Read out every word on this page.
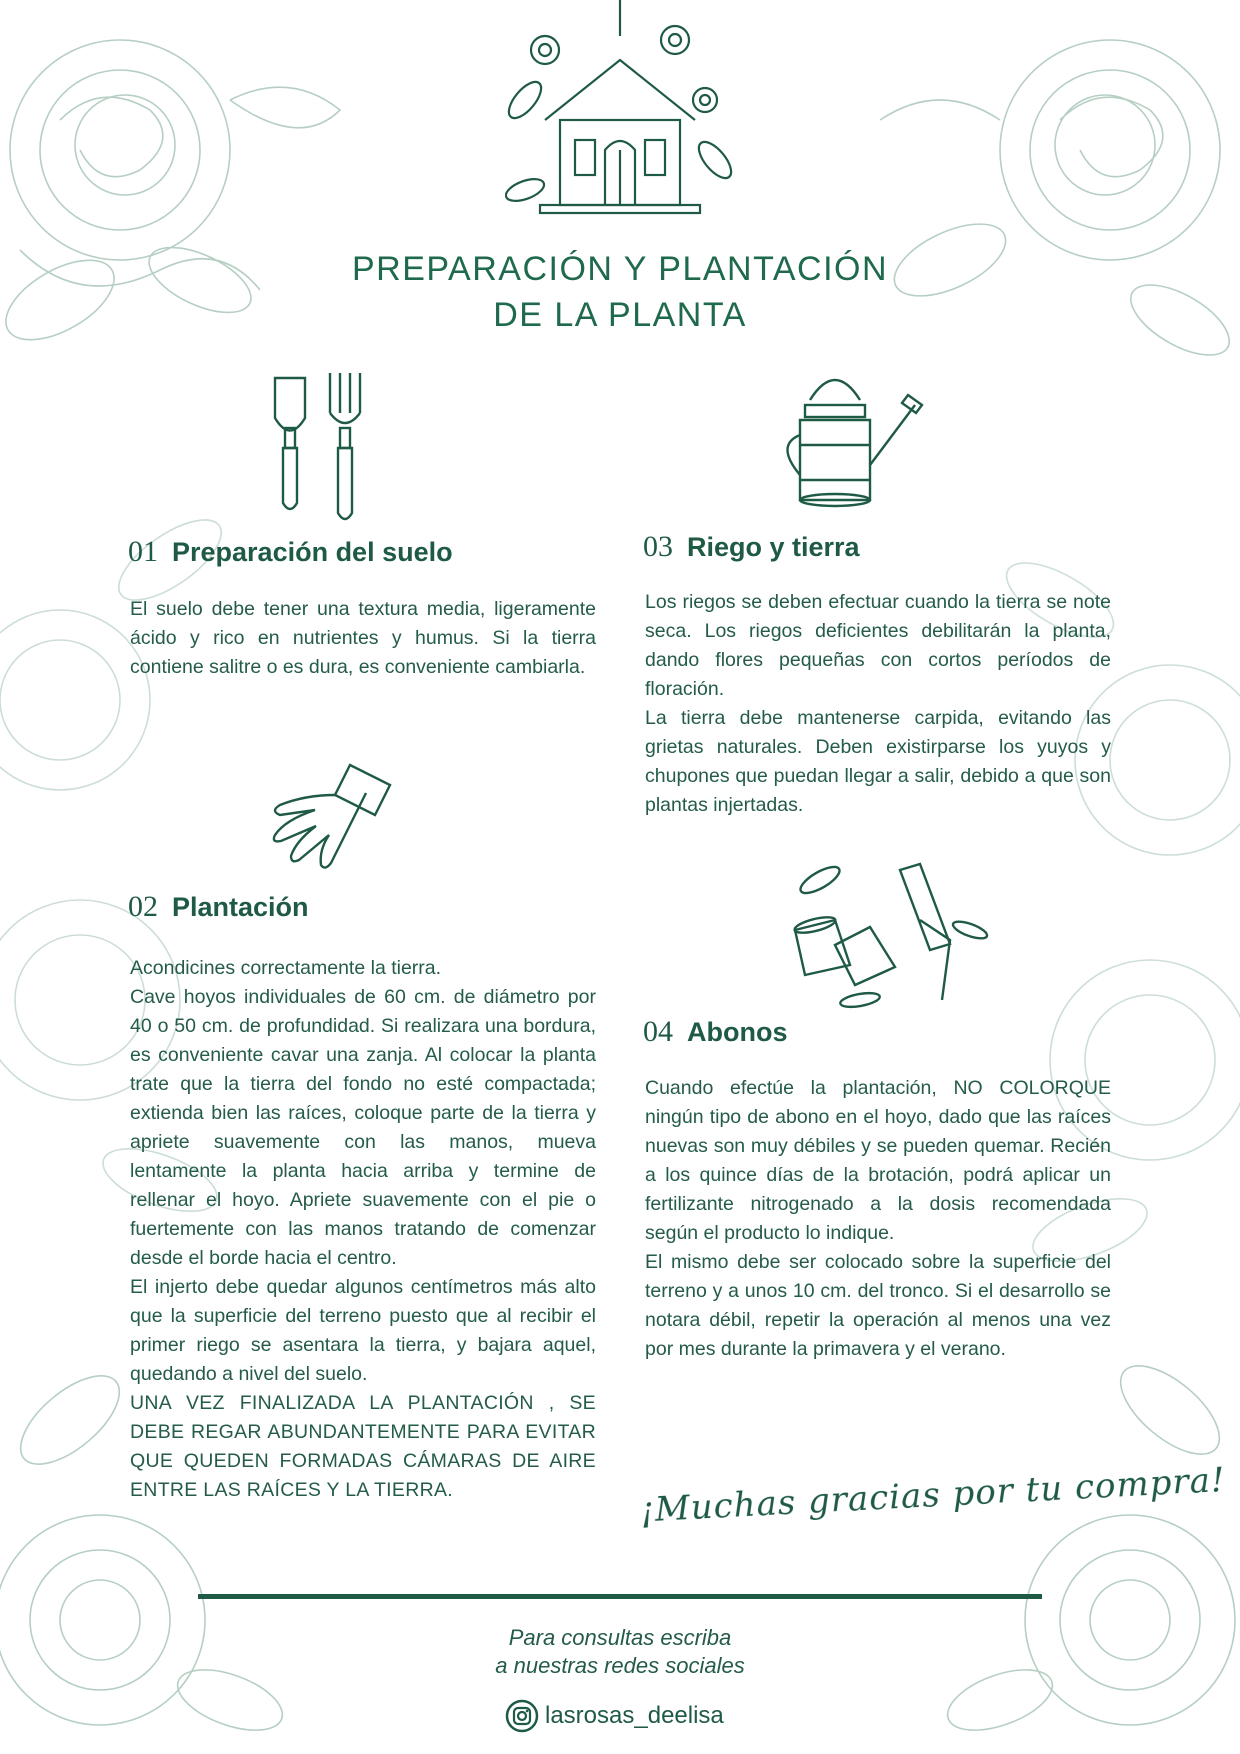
PREPARACIÓN Y PLANTACIÓN
DE LA PLANTA
01 Preparación del suelo

El suelo debe tener una textura media, ligeramente ácido y rico en nutrientes y humus. Si la tierra contiene salitre o es dura, es conveniente cambiarla.

02 Plantación

Acondicines correctamente la tierra.

Cave hoyos individuales de 60 cm. de diámetro por 40 o 50 cm. de profundidad. Si realizara una bordura, es conveniente cavar una zanja. Al colocar la planta trate que la tierra del fondo no esté compactada; extienda bien las raíces, coloque parte de la tierra y apriete suavemente con las manos, mueva lentamente la planta hacia arriba y termine de rellenar el hoyo. Apriete suavemente con el pie o fuertemente con las manos tratando de comenzar desde el borde hacia el centro.

El injerto debe quedar algunos centímetros más alto que la superficie del terreno puesto que al recibir el primer riego se asentara la tierra, y bajara aquel, quedando a nivel del suelo.

UNA VEZ FINALIZADA LA PLANTACIÓN , SE DEBE REGAR ABUNDANTEMENTE PARA EVITAR QUE QUEDEN FORMADAS CÁMARAS DE AIRE ENTRE LAS RAÍCES Y LA TIERRA.

03 Riego y tierra

Los riegos se deben efectuar cuando la tierra se note seca. Los riegos deficientes debilitarán la planta, dando flores pequeñas con cortos períodos de floración.

La tierra debe mantenerse carpida, evitando las grietas naturales. Deben existirparse los yuyos y chupones que puedan llegar a salir, debido a que son plantas injertadas.

04 Abonos

Cuando efectúe la plantación, NO COLORQUE ningún tipo de abono en el hoyo, dado que las raíces nuevas son muy débiles y se pueden quemar. Recién a los quince días de la brotación, podrá aplicar un fertilizante nitrogenado a la dosis recomendada según el producto lo indique.

El mismo debe ser colocado sobre la superficie del terreno y a unos 10 cm. del tronco. Si el desarrollo se notara débil, repetir la operación al menos una vez por mes durante la primavera y el verano.

¡Muchas gracias por tu compra!
Para consultas escriba
a nuestras redes sociales
lasrosas_deelisa
